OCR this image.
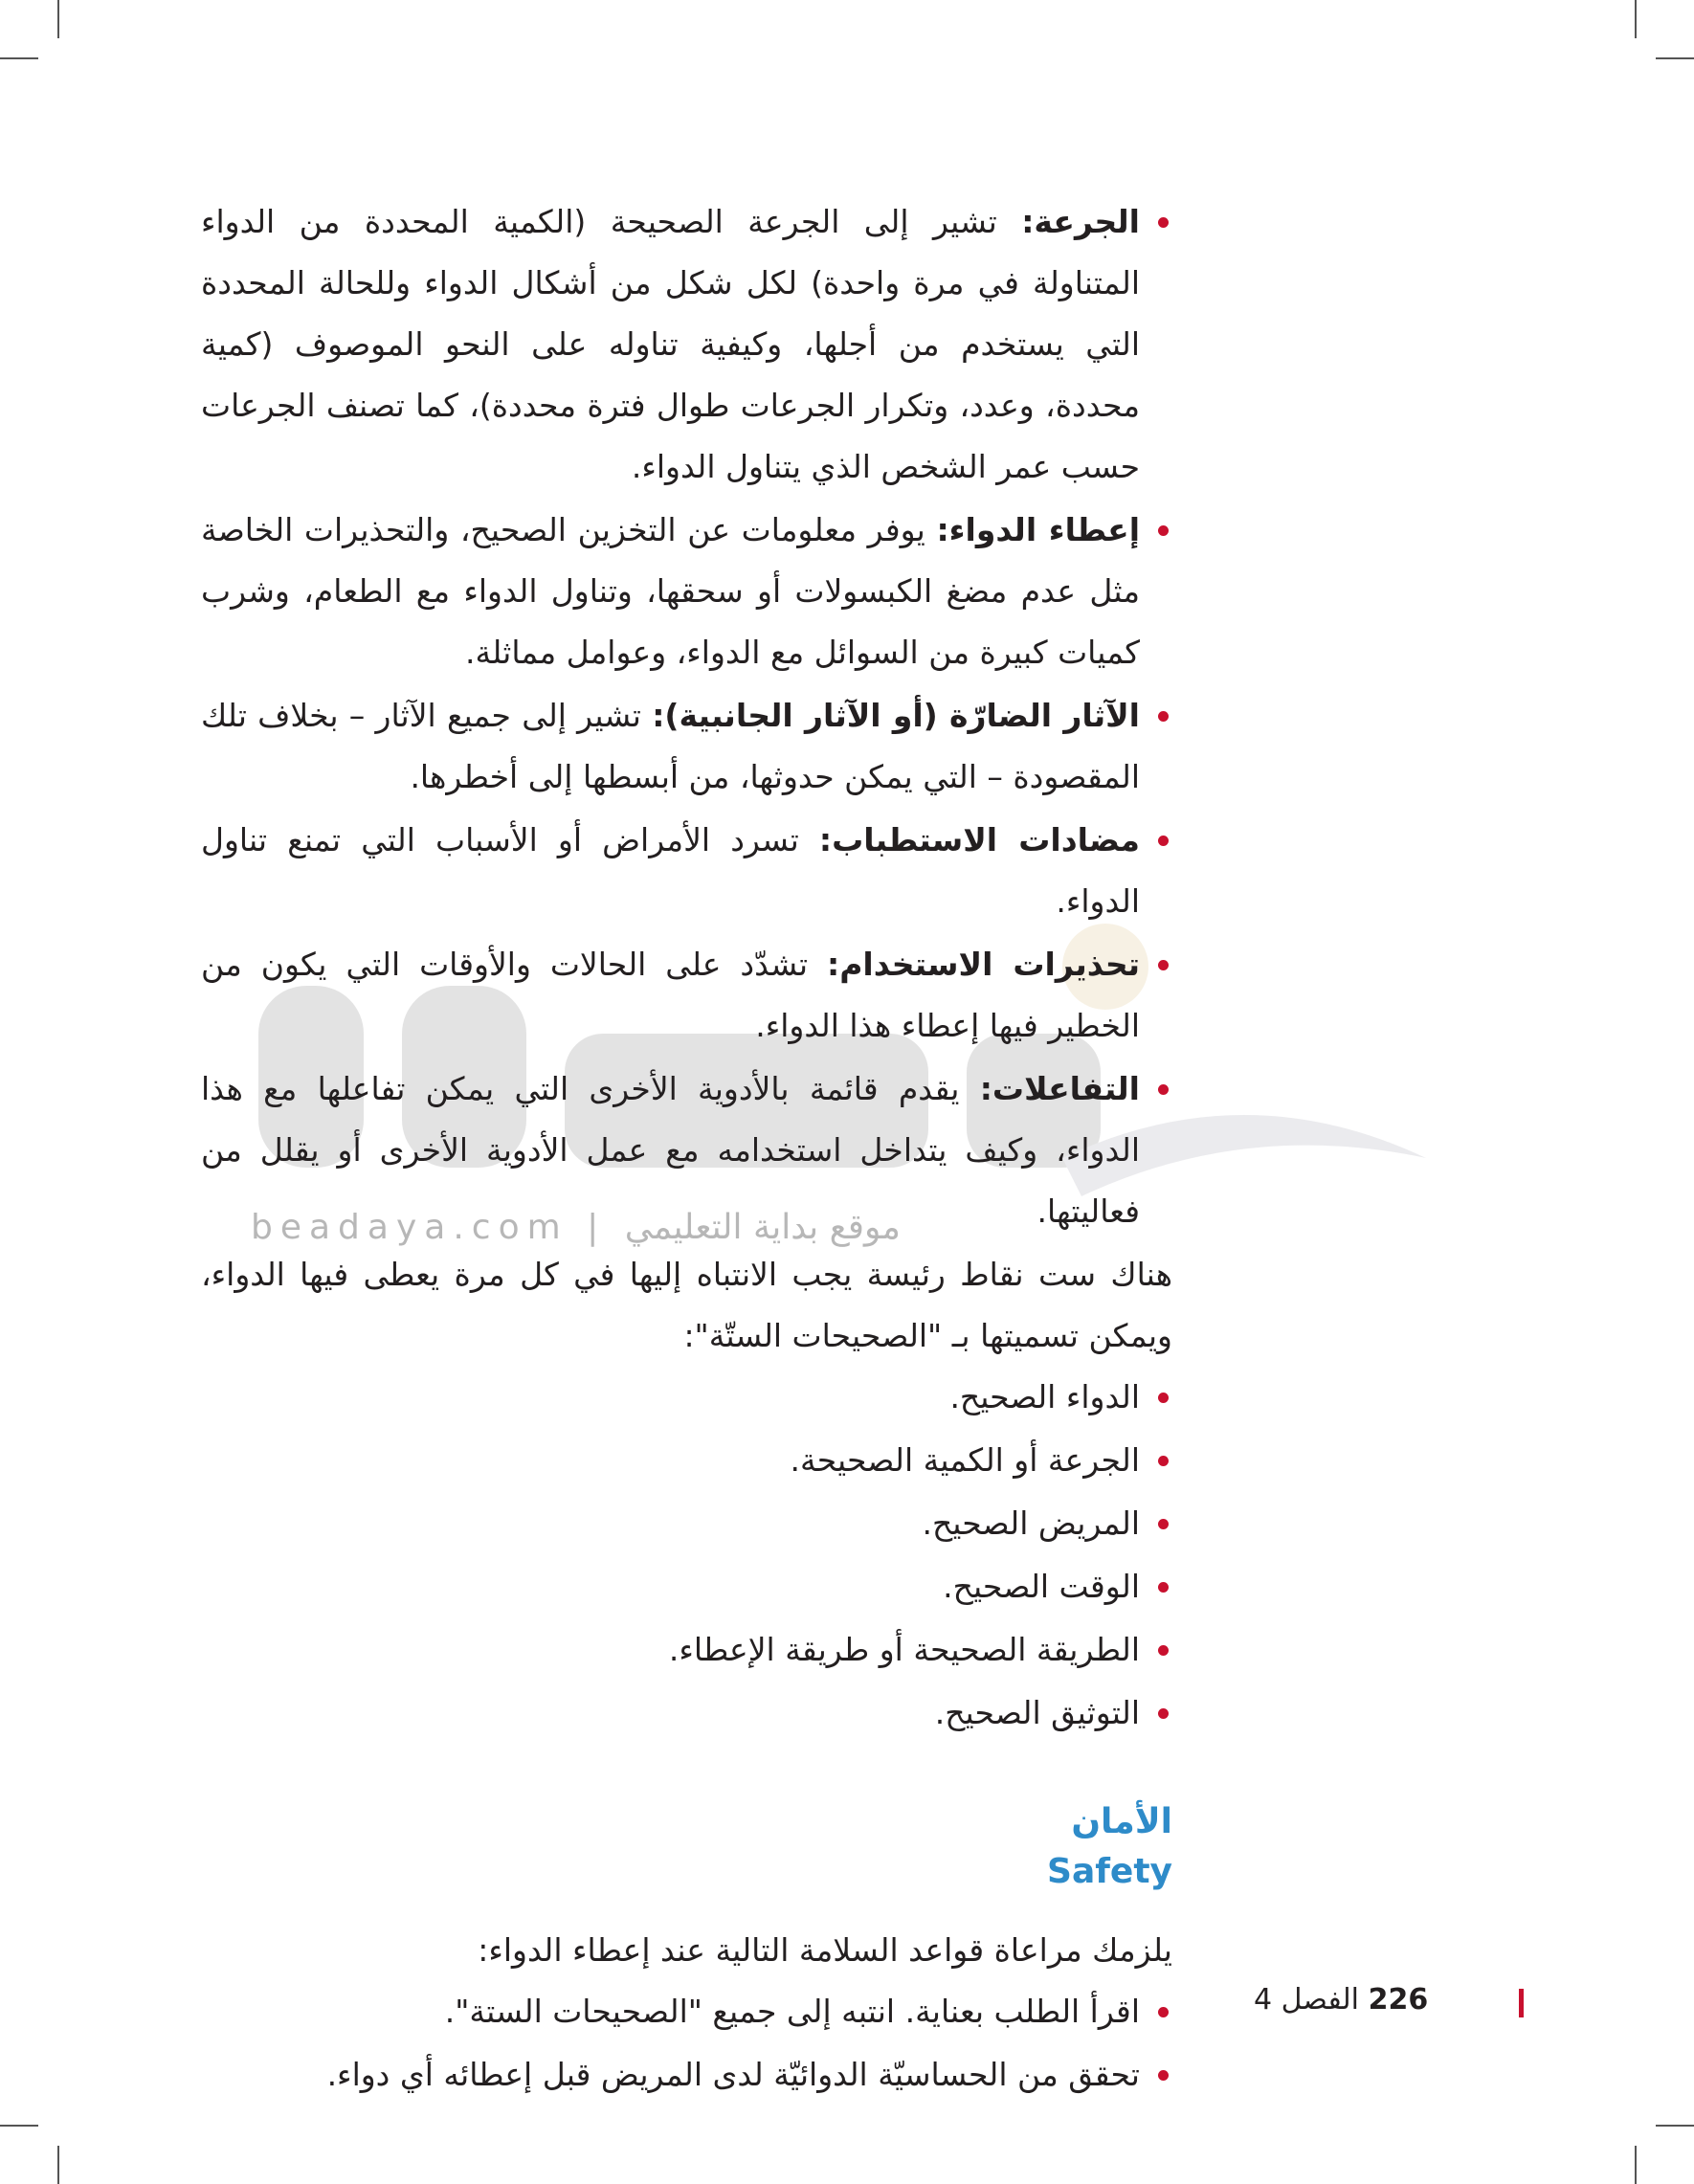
beadaya.com | موقع بداية التعليمي
الجرعة: تشير إلى الجرعة الصحيحة (الكمية المحددة من الدواء المتناولة في مرة واحدة) لكل شكل من أشكال الدواء وللحالة المحددة التي يستخدم من أجلها، وكيفية تناوله على النحو الموصوف (كمية محددة، وعدد، وتكرار الجرعات طوال فترة محددة)، كما تصنف الجرعات حسب عمر الشخص الذي يتناول الدواء.
إعطاء الدواء: يوفر معلومات عن التخزين الصحيح، والتحذيرات الخاصة مثل عدم مضغ الكبسولات أو سحقها، وتناول الدواء مع الطعام، وشرب كميات كبيرة من السوائل مع الدواء، وعوامل مماثلة.
الآثار الضارّة (أو الآثار الجانبية): تشير إلى جميع الآثار – بخلاف تلك المقصودة – التي يمكن حدوثها، من أبسطها إلى أخطرها.
مضادات الاستطباب: تسرد الأمراض أو الأسباب التي تمنع تناول الدواء.
تحذيرات الاستخدام: تشدّد على الحالات والأوقات التي يكون من الخطير فيها إعطاء هذا الدواء.
التفاعلات: يقدم قائمة بالأدوية الأخرى التي يمكن تفاعلها مع هذا الدواء، وكيف يتداخل استخدامه مع عمل الأدوية الأخرى أو يقلل من فعاليتها.

هناك ست نقاط رئيسة يجب الانتباه إليها في كل مرة يعطى فيها الدواء، ويمكن تسميتها بـ "الصحيحات الستّة":

الدواء الصحيح.
الجرعة أو الكمية الصحيحة.
المريض الصحيح.
الوقت الصحيح.
الطريقة الصحيحة أو طريقة الإعطاء.
التوثيق الصحيح.
الأمان
Safety

يلزمك مراعاة قواعد السلامة التالية عند إعطاء الدواء:

اقرأ الطلب بعناية. انتبه إلى جميع "الصحيحات الستة".
تحقق من الحساسيّة الدوائيّة لدى المريض قبل إعطائه أي دواء.
226 الفصل 4
